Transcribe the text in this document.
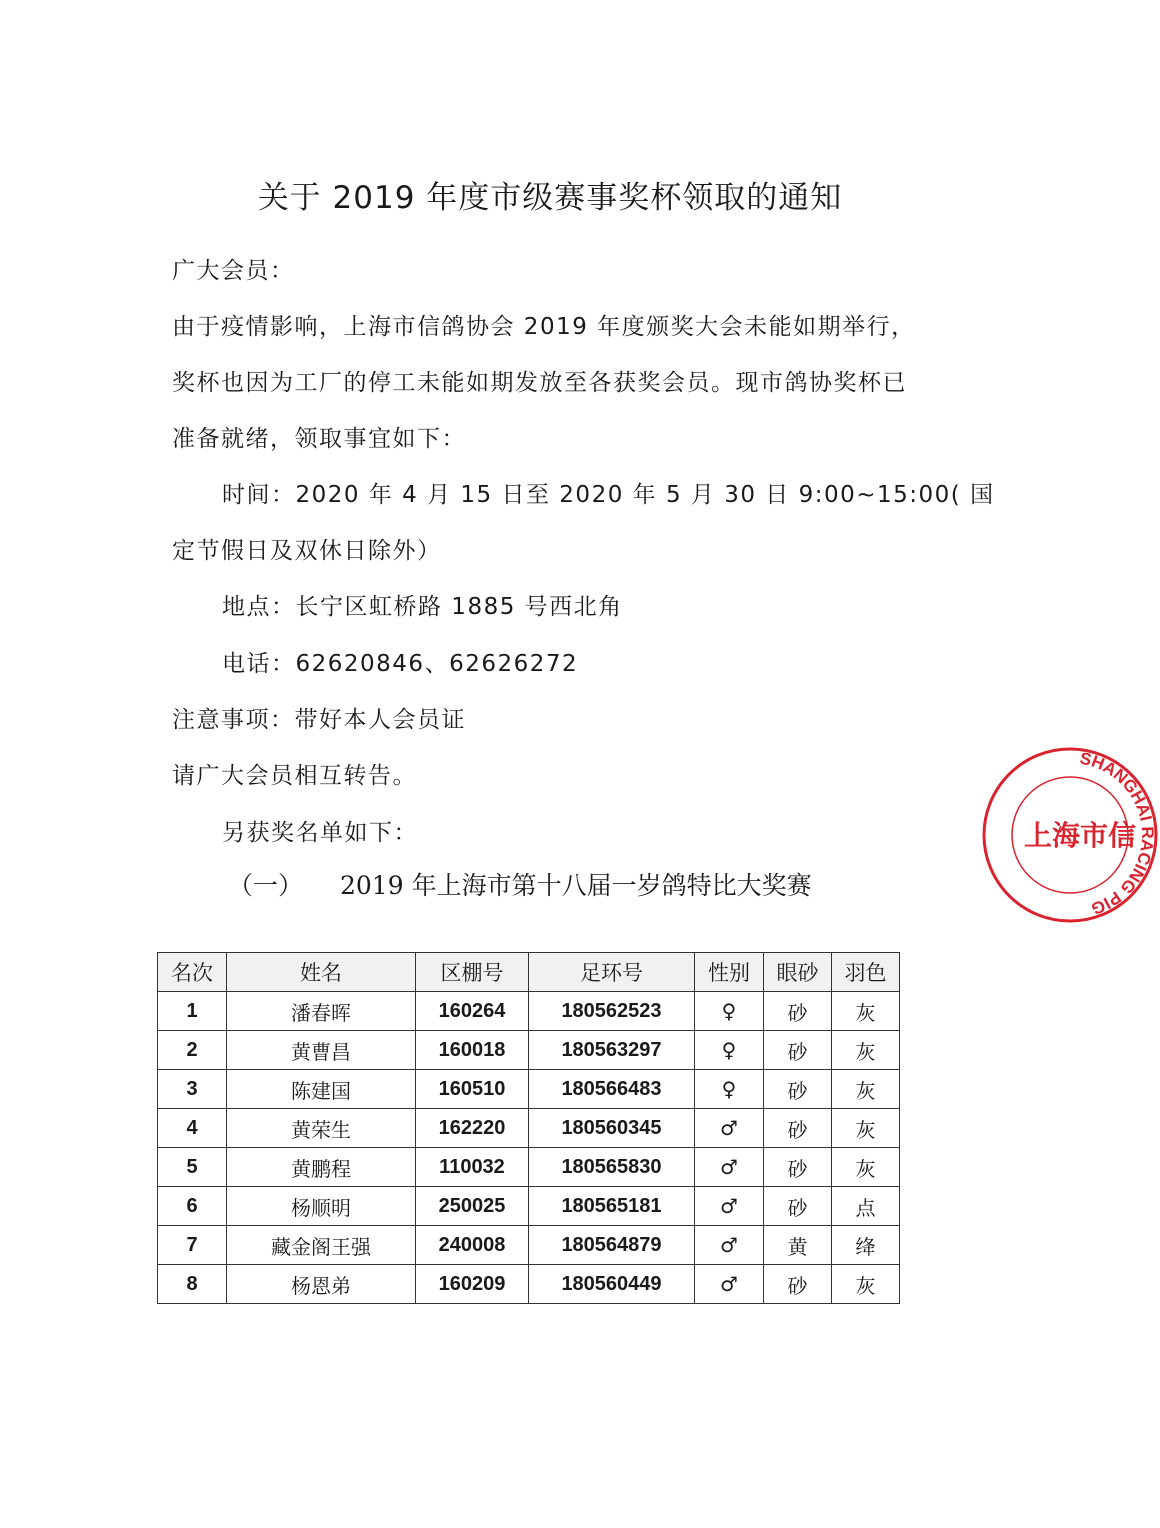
关于 2019 年度市级赛事奖杯领取的通知
广大会员：
由于疫情影响，上海市信鸽协会 2019 年度颁奖大会未能如期举行，
奖杯也因为工厂的停工未能如期发放至各获奖会员。现市鸽协奖杯已
准备就绪，领取事宜如下：
时间：2020 年 4 月 15 日至 2020 年 5 月 30 日 9:00~15:00( 国
定节假日及双休日除外）
地点：长宁区虹桥路 1885 号西北角
电话：62620846、62626272
注意事项：带好本人会员证
请广大会员相互转告。
另获奖名单如下：
（一） 2019 年上海市第十八届一岁鸽特比大奖赛
名次	姓名	区棚号	足环号	性别	眼砂	羽色
1	潘春晖	160264	180562523	♀	砂	灰
2	黄曹昌	160018	180563297	♀	砂	灰
3	陈建国	160510	180566483	♀	砂	灰
4	黄荣生	162220	180560345	♂	砂	灰
5	黄鹏程	110032	180565830	♂	砂	灰
6	杨顺明	250025	180565181	♂	砂	点
7	藏金阁王强	240008	180564879	♂	黄	绛
8	杨恩弟	160209	180560449	♂	砂	灰
SHANGHAI RACING PIG
上海市信
